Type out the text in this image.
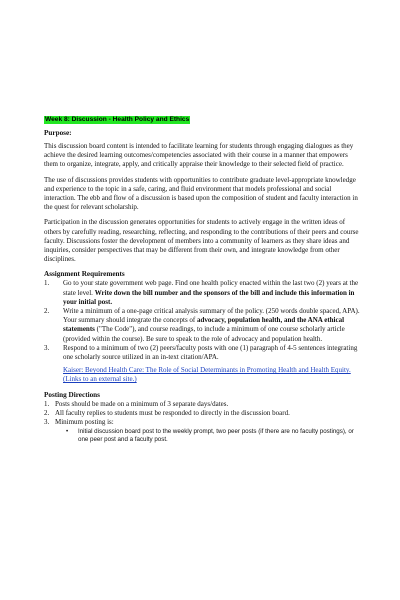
Week 8: Discussion - Health Policy and Ethics
Purpose:

This discussion board content is intended to facilitate learning for students through engaging dialogues as they achieve the desired learning outcomes/competencies associated with their course in a manner that empowers them to organize, integrate, apply, and critically appraise their knowledge to their selected field of practice.

The use of discussions provides students with opportunities to contribute graduate level-appropriate knowledge and experience to the topic in a safe, caring, and fluid environment that models professional and social interaction. The ebb and flow of a discussion is based upon the composition of student and faculty interaction in the quest for relevant scholarship.

Participation in the discussion generates opportunities for students to actively engage in the written ideas of others by carefully reading, researching, reflecting, and responding to the contributions of their peers and course faculty. Discussions foster the development of members into a community of learners as they share ideas and inquiries, consider perspectives that may be different from their own, and integrate knowledge from other disciplines.

Assignment Requirements
1.	Go to your state government web page. Find one health policy enacted within the last two (2) years at the state level. Write down the bill number and the sponsors of the bill and include this information in your initial post.
2.	Write a minimum of a one-page critical analysis summary of the policy. (250 words double spaced, APA). Your summary should integrate the concepts of advocacy, population health, and the ANA ethical statements ("The Code"), and course readings, to include a minimum of one course scholarly article (provided within the course). Be sure to speak to the role of advocacy and population health.
3.	Respond to a minimum of two (2) peers/faculty posts with one (1) paragraph of 4-5 sentences integrating one scholarly source utilized in an in-text citation/APA.
Kaiser: Beyond Health Care: The Role of Social Determinants in Promoting Health and Health Equity. (Links to an external site.)
Posting Directions
1. Posts should be made on a minimum of 3 separate days/dates.
2. All faculty replies to students must be responded to directly in the discussion board.
3. Minimum posting is:
•	Initial discussion board post to the weekly prompt, two peer posts (if there are no faculty postings), or one peer post and a faculty post.
